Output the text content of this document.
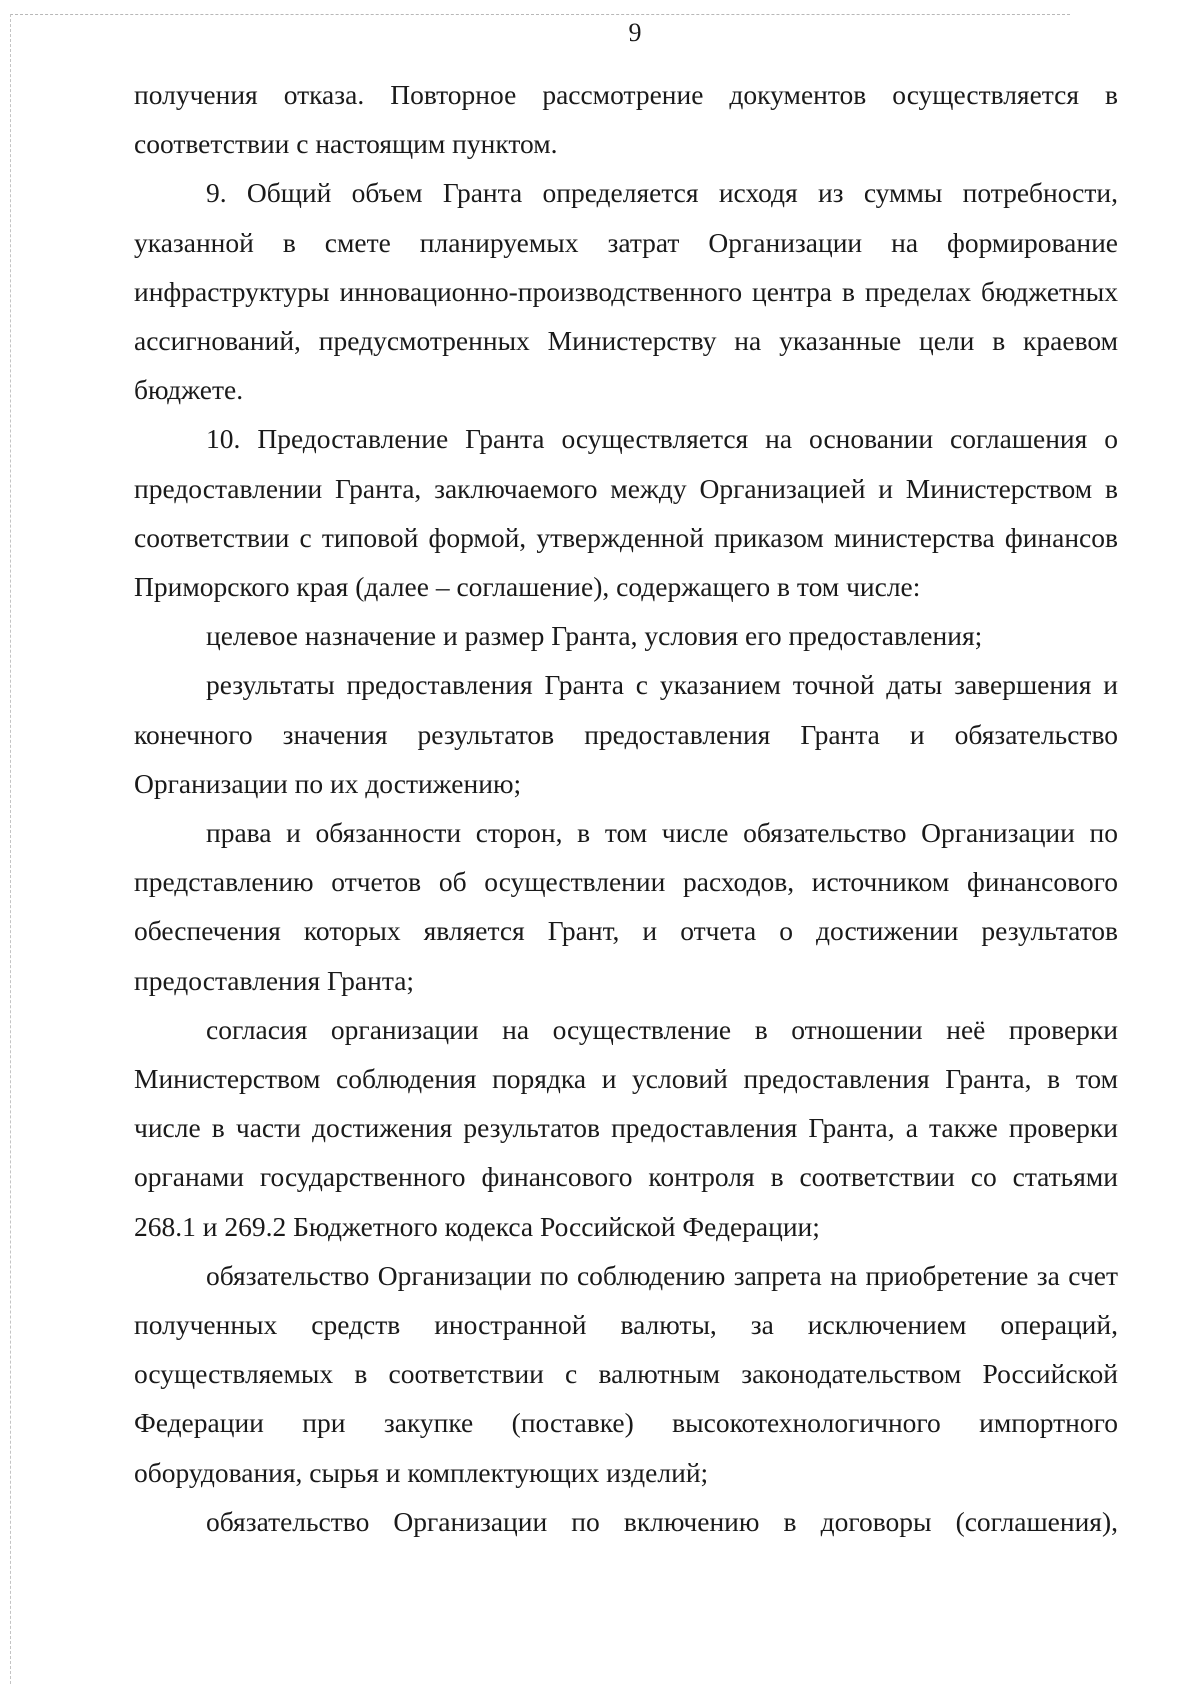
9

получения отказа. Повторное рассмотрение документов осуществляется в соответствии с настоящим пунктом.

9. Общий объем Гранта определяется исходя из суммы потребности, указанной в смете планируемых затрат Организации на формирование инфраструктуры инновационно-производственного центра в пределах бюджетных ассигнований, предусмотренных Министерству на указанные цели в краевом бюджете.

10. Предоставление Гранта осуществляется на основании соглашения о предоставлении Гранта, заключаемого между Организацией и Министерством в соответствии с типовой формой, утвержденной приказом министерства финансов Приморского края (далее – соглашение), содержащего в том числе:

целевое назначение и размер Гранта, условия его предоставления;

результаты предоставления Гранта с указанием точной даты завершения и конечного значения результатов предоставления Гранта и обязательство Организации по их достижению;

права и обязанности сторон, в том числе обязательство Организации по представлению отчетов об осуществлении расходов, источником финансового обеспечения которых является Грант, и отчета о достижении результатов предоставления Гранта;

согласия организации на осуществление в отношении неё проверки Министерством соблюдения порядка и условий предоставления Гранта, в том числе в части достижения результатов предоставления Гранта, а также проверки органами государственного финансового контроля в соответствии со статьями 268.1 и 269.2 Бюджетного кодекса Российской Федерации;

обязательство Организации по соблюдению запрета на приобретение за счет полученных средств иностранной валюты, за исключением операций, осуществляемых в соответствии с валютным законодательством Российской Федерации при закупке (поставке) высокотехнологичного импортного оборудования, сырья и комплектующих изделий;

обязательство Организации по включению в договоры (соглашения),
